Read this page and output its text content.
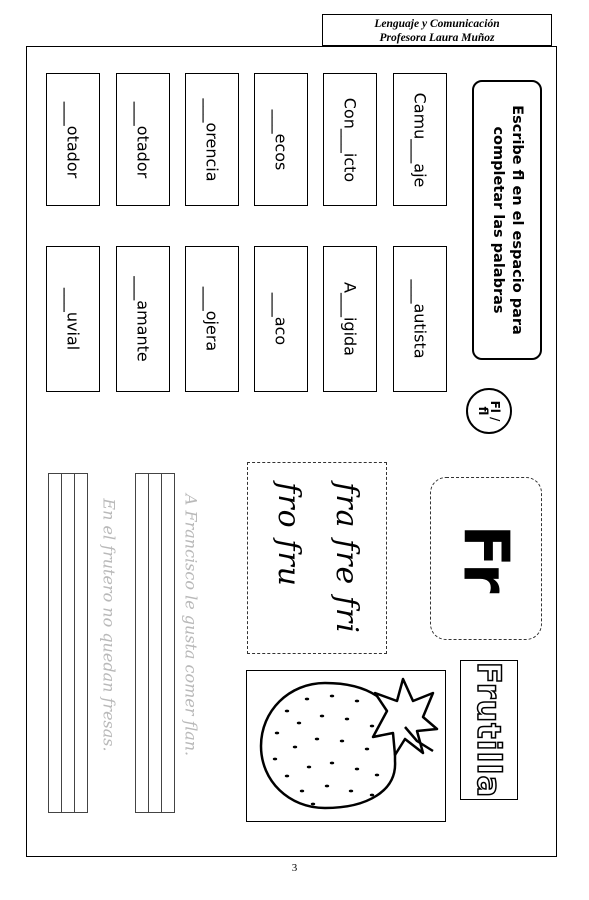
Lenguaje y Comunicación
Profesora Laura Muñoz
Escribe fl en el espacio para
completar las palabras
Camu___aje
Con___icto
___ecos
___orencia
___otador
___otador
___autista
A___igida
___aco
___ojera
___amante
___uvial
Fl /
fl
Fr
fra fre fri
fro fru
Frutilla
A Francisco le gusta comer flan.
En el frutero no quedan fresas.
3
